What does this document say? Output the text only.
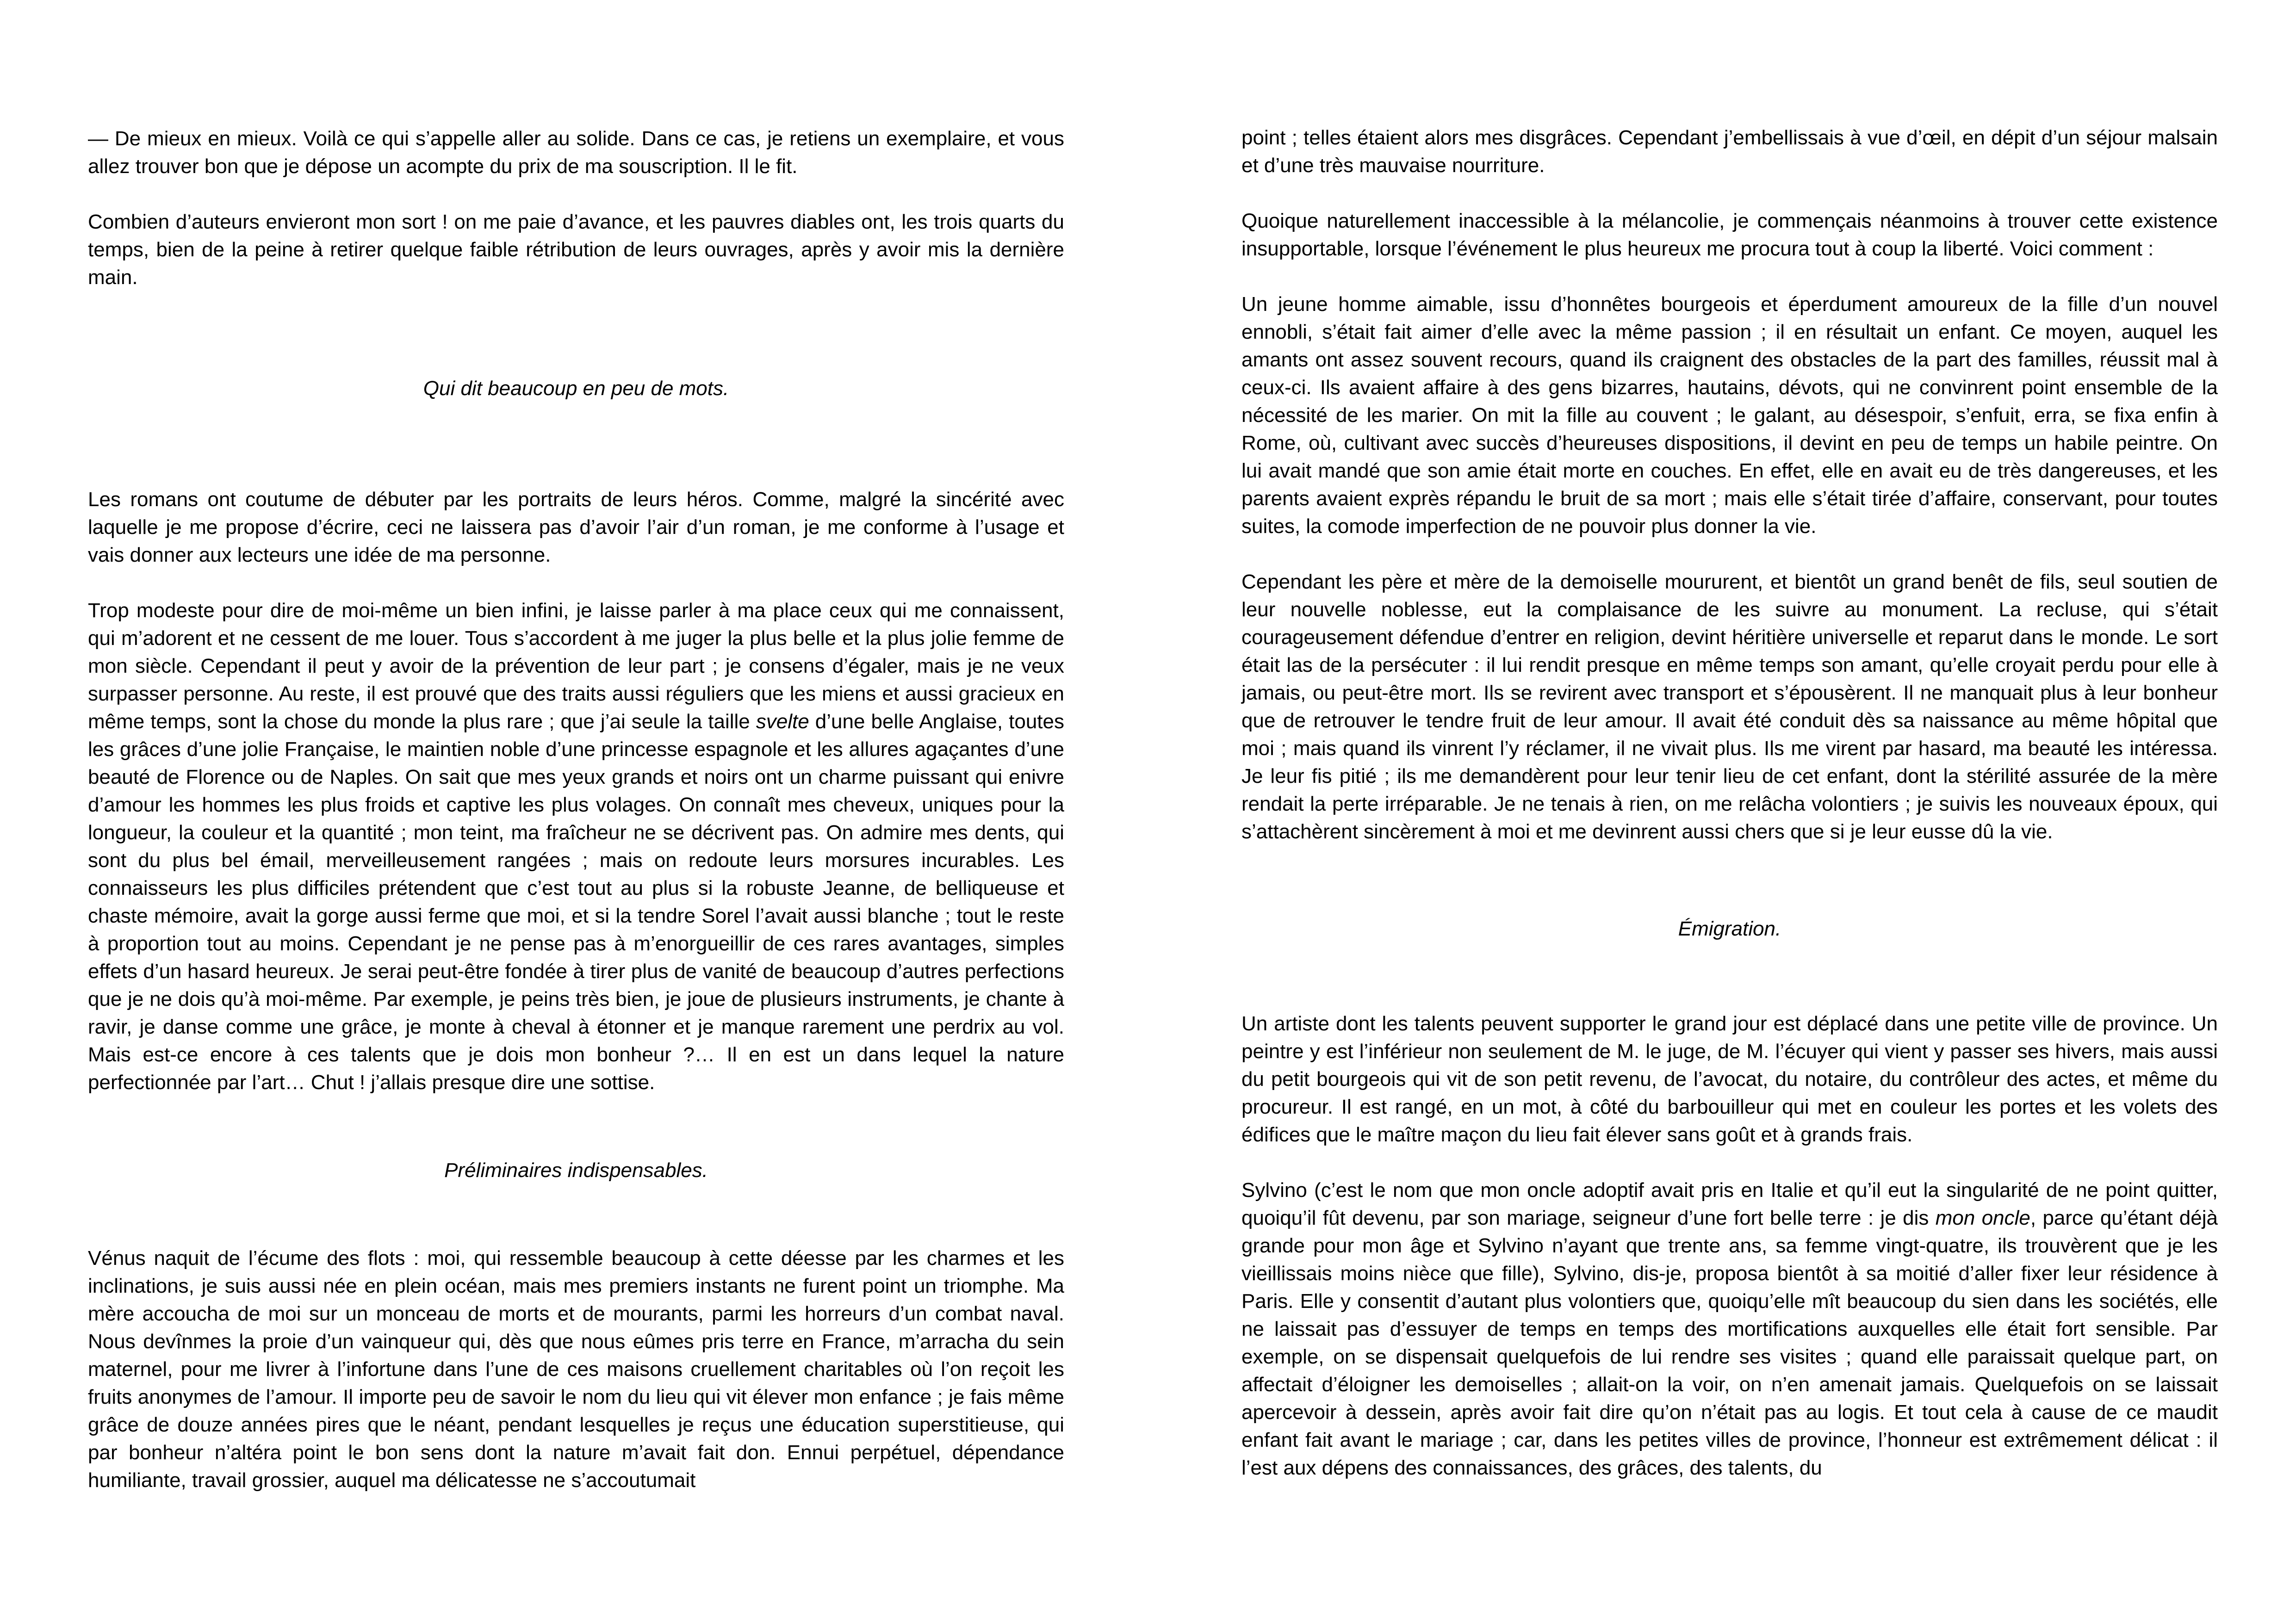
— De mieux en mieux. Voilà ce qui s’appelle aller au solide. Dans ce cas, je retiens un exemplaire, et vous allez trouver bon que je dépose un acompte du prix de ma souscription. Il le fit.

Combien d’auteurs envieront mon sort ! on me paie d’avance, et les pauvres diables ont, les trois quarts du temps, bien de la peine à retirer quelque faible rétribution de leurs ouvrages, après y avoir mis la dernière main.

Qui dit beaucoup en peu de mots.

Les romans ont coutume de débuter par les portraits de leurs héros. Comme, malgré la sincérité avec laquelle je me propose d’écrire, ceci ne laissera pas d’avoir l’air d’un roman, je me conforme à l’usage et vais donner aux lecteurs une idée de ma personne.

Trop modeste pour dire de moi-même un bien infini, je laisse parler à ma place ceux qui me connaissent, qui m’adorent et ne cessent de me louer. Tous s’accordent à me juger la plus belle et la plus jolie femme de mon siècle. Cependant il peut y avoir de la prévention de leur part ; je consens d’égaler, mais je ne veux surpasser personne. Au reste, il est prouvé que des traits aussi réguliers que les miens et aussi gracieux en même temps, sont la chose du monde la plus rare ; que j’ai seule la taille svelte d’une belle Anglaise, toutes les grâces d’une jolie Française, le maintien noble d’une princesse espagnole et les allures agaçantes d’une beauté de Florence ou de Naples. On sait que mes yeux grands et noirs ont un charme puissant qui enivre d’amour les hommes les plus froids et captive les plus volages. On connaît mes cheveux, uniques pour la longueur, la couleur et la quantité ; mon teint, ma fraîcheur ne se décrivent pas. On admire mes dents, qui sont du plus bel émail, merveilleusement rangées ; mais on redoute leurs morsures incurables. Les connaisseurs les plus difficiles prétendent que c’est tout au plus si la robuste Jeanne, de belliqueuse et chaste mémoire, avait la gorge aussi ferme que moi, et si la tendre Sorel l’avait aussi blanche ; tout le reste à proportion tout au moins. Cependant je ne pense pas à m’enorgueillir de ces rares avantages, simples effets d’un hasard heureux. Je serai peut-être fondée à tirer plus de vanité de beaucoup d’autres perfections que je ne dois qu’à moi-même. Par exemple, je peins très bien, je joue de plusieurs instruments, je chante à ravir, je danse comme une grâce, je monte à cheval à étonner et je manque rarement une perdrix au vol. Mais est-ce encore à ces talents que je dois mon bonheur ?… Il en est un dans lequel la nature perfectionnée par l’art… Chut ! j’allais presque dire une sottise.

Préliminaires indispensables.

Vénus naquit de l’écume des flots : moi, qui ressemble beaucoup à cette déesse par les charmes et les inclinations, je suis aussi née en plein océan, mais mes premiers instants ne furent point un triomphe. Ma mère accoucha de moi sur un monceau de morts et de mourants, parmi les horreurs d’un combat naval. Nous devînmes la proie d’un vainqueur qui, dès que nous eûmes pris terre en France, m’arracha du sein maternel, pour me livrer à l’infortune dans l’une de ces maisons cruellement charitables où l’on reçoit les fruits anonymes de l’amour. Il importe peu de savoir le nom du lieu qui vit élever mon enfance ; je fais même grâce de douze années pires que le néant, pendant lesquelles je reçus une éducation superstitieuse, qui par bonheur n’altéra point le bon sens dont la nature m’avait fait don. Ennui perpétuel, dépendance humiliante, travail grossier, auquel ma délicatesse ne s’accoutumait

point ; telles étaient alors mes disgrâces. Cependant j’embellissais à vue d’œil, en dépit d’un séjour malsain et d’une très mauvaise nourriture.

Quoique naturellement inaccessible à la mélancolie, je commençais néanmoins à trouver cette existence insupportable, lorsque l’événement le plus heureux me procura tout à coup la liberté. Voici comment :

Un jeune homme aimable, issu d’honnêtes bourgeois et éperdument amoureux de la fille d’un nouvel ennobli, s’était fait aimer d’elle avec la même passion ; il en résultait un enfant. Ce moyen, auquel les amants ont assez souvent recours, quand ils craignent des obstacles de la part des familles, réussit mal à ceux-ci. Ils avaient affaire à des gens bizarres, hautains, dévots, qui ne convinrent point ensemble de la nécessité de les marier. On mit la fille au couvent ; le galant, au désespoir, s’enfuit, erra, se fixa enfin à Rome, où, cultivant avec succès d’heureuses dispositions, il devint en peu de temps un habile peintre. On lui avait mandé que son amie était morte en couches. En effet, elle en avait eu de très dangereuses, et les parents avaient exprès répandu le bruit de sa mort ; mais elle s’était tirée d’affaire, conservant, pour toutes suites, la comode imperfection de ne pouvoir plus donner la vie.

Cependant les père et mère de la demoiselle moururent, et bientôt un grand benêt de fils, seul soutien de leur nouvelle noblesse, eut la complaisance de les suivre au monument. La recluse, qui s’était courageusement défendue d’entrer en religion, devint héritière universelle et reparut dans le monde. Le sort était las de la persécuter : il lui rendit presque en même temps son amant, qu’elle croyait perdu pour elle à jamais, ou peut-être mort. Ils se revirent avec transport et s’épousèrent. Il ne manquait plus à leur bonheur que de retrouver le tendre fruit de leur amour. Il avait été conduit dès sa naissance au même hôpital que moi ; mais quand ils vinrent l’y réclamer, il ne vivait plus. Ils me virent par hasard, ma beauté les intéressa. Je leur fis pitié ; ils me demandèrent pour leur tenir lieu de cet enfant, dont la stérilité assurée de la mère rendait la perte irréparable. Je ne tenais à rien, on me relâcha volontiers ; je suivis les nouveaux époux, qui s’attachèrent sincèrement à moi et me devinrent aussi chers que si je leur eusse dû la vie.

Émigration.

Un artiste dont les talents peuvent supporter le grand jour est déplacé dans une petite ville de province. Un peintre y est l’inférieur non seulement de M. le juge, de M. l’écuyer qui vient y passer ses hivers, mais aussi du petit bourgeois qui vit de son petit revenu, de l’avocat, du notaire, du contrôleur des actes, et même du procureur. Il est rangé, en un mot, à côté du barbouilleur qui met en couleur les portes et les volets des édifices que le maître maçon du lieu fait élever sans goût et à grands frais.

Sylvino (c’est le nom que mon oncle adoptif avait pris en Italie et qu’il eut la singularité de ne point quitter, quoiqu’il fût devenu, par son mariage, seigneur d’une fort belle terre : je dis mon oncle, parce qu’étant déjà grande pour mon âge et Sylvino n’ayant que trente ans, sa femme vingt-quatre, ils trouvèrent que je les vieillissais moins nièce que fille), Sylvino, dis-je, proposa bientôt à sa moitié d’aller fixer leur résidence à Paris. Elle y consentit d’autant plus volontiers que, quoiqu’elle mît beaucoup du sien dans les sociétés, elle ne laissait pas d’essuyer de temps en temps des mortifications auxquelles elle était fort sensible. Par exemple, on se dispensait quelquefois de lui rendre ses visites ; quand elle paraissait quelque part, on affectait d’éloigner les demoiselles ; allait-on la voir, on n’en amenait jamais. Quelquefois on se laissait apercevoir à dessein, après avoir fait dire qu’on n’était pas au logis. Et tout cela à cause de ce maudit enfant fait avant le mariage ; car, dans les petites villes de province, l’honneur est extrêmement délicat : il l’est aux dépens des connaissances, des grâces, des talents, du
